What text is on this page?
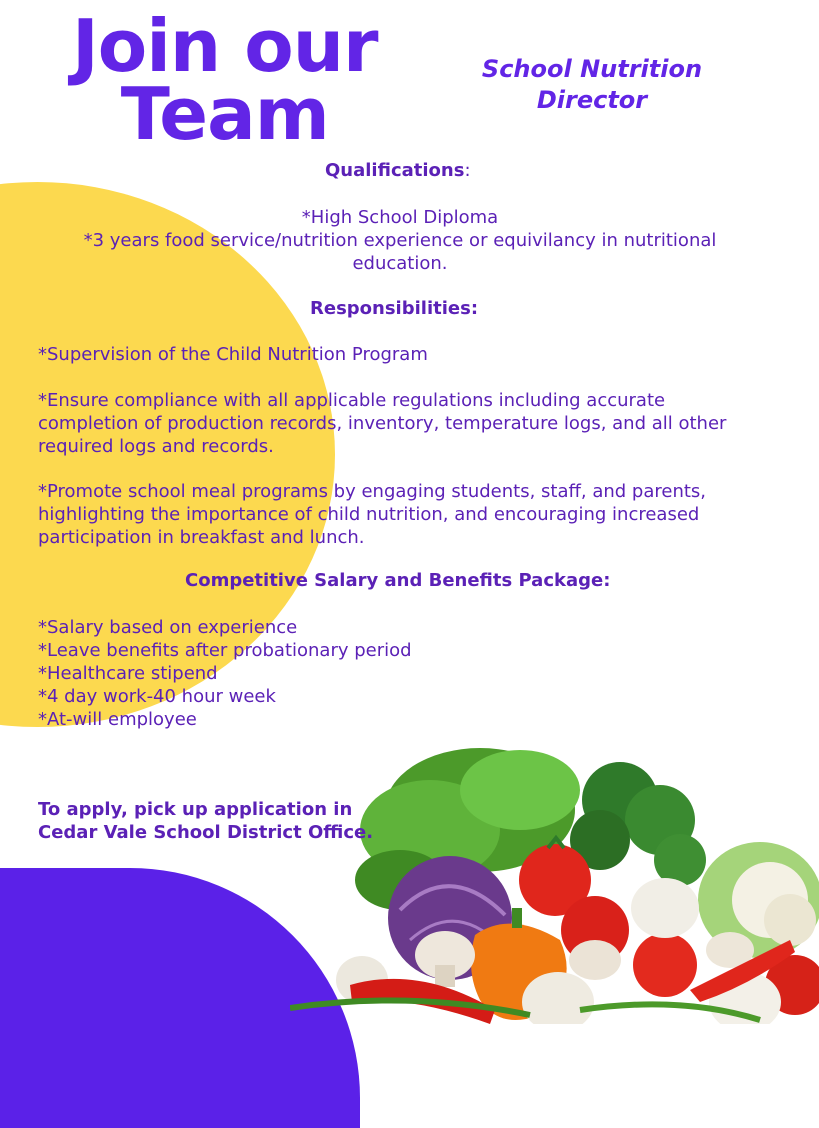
Join our
Team
School Nutrition
Director
Qualifications:
*High School Diploma
*3 years food service/nutrition experience or equivilancy in nutritional
education.
Responsibilities:
*Supervision of the Child Nutrition Program
*Ensure compliance with all applicable regulations including accurate completion of production records, inventory, temperature logs, and all other required logs and records.
*Promote school meal programs by engaging students, staff, and parents, highlighting the importance of child nutrition, and encouraging increased participation in breakfast and lunch.
Competitive Salary and Benefits Package:
*Salary based on experience
*Leave benefits after probationary period
*Healthcare stipend
*4 day work-40 hour week
*At-will employee
To apply, pick up application in
Cedar Vale School District Office.
